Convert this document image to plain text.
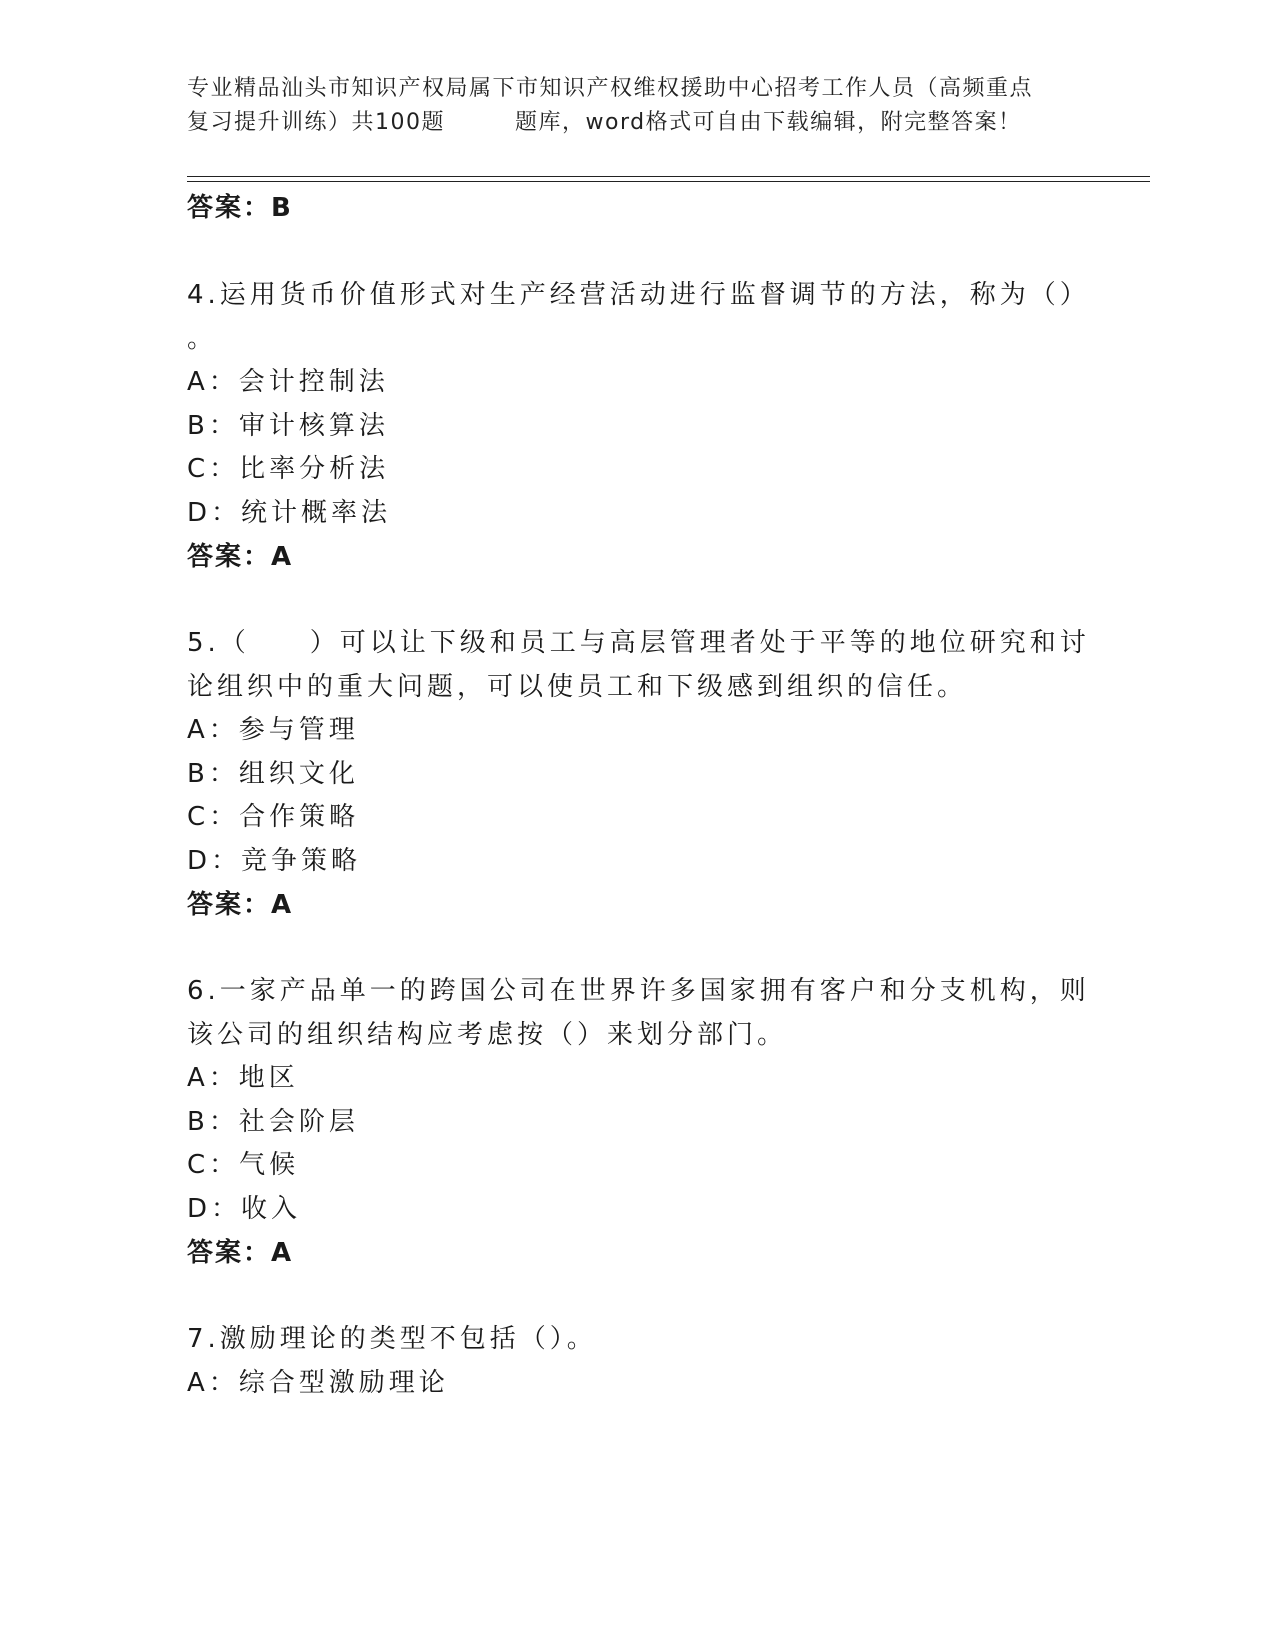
专业精品汕头市知识产权局属下市知识产权维权援助中心招考工作人员（高频重点
复习提升训练）共100题	题库，word格式可自由下载编辑，附完整答案！
答案：B
4.运用货币价值形式对生产经营活动进行监督调节的方法，称为（）
。
A：会计控制法
B：审计核算法
C：比率分析法
D：统计概率法
答案：A
5.（　　）可以让下级和员工与高层管理者处于平等的地位研究和讨
论组织中的重大问题，可以使员工和下级感到组织的信任。
A：参与管理
B：组织文化
C：合作策略
D：竞争策略
答案：A
6.一家产品单一的跨国公司在世界许多国家拥有客户和分支机构，则
该公司的组织结构应考虑按（）来划分部门。
A：地区
B：社会阶层
C：气候
D：收入
答案：A
7.激励理论的类型不包括（）。
A：综合型激励理论
